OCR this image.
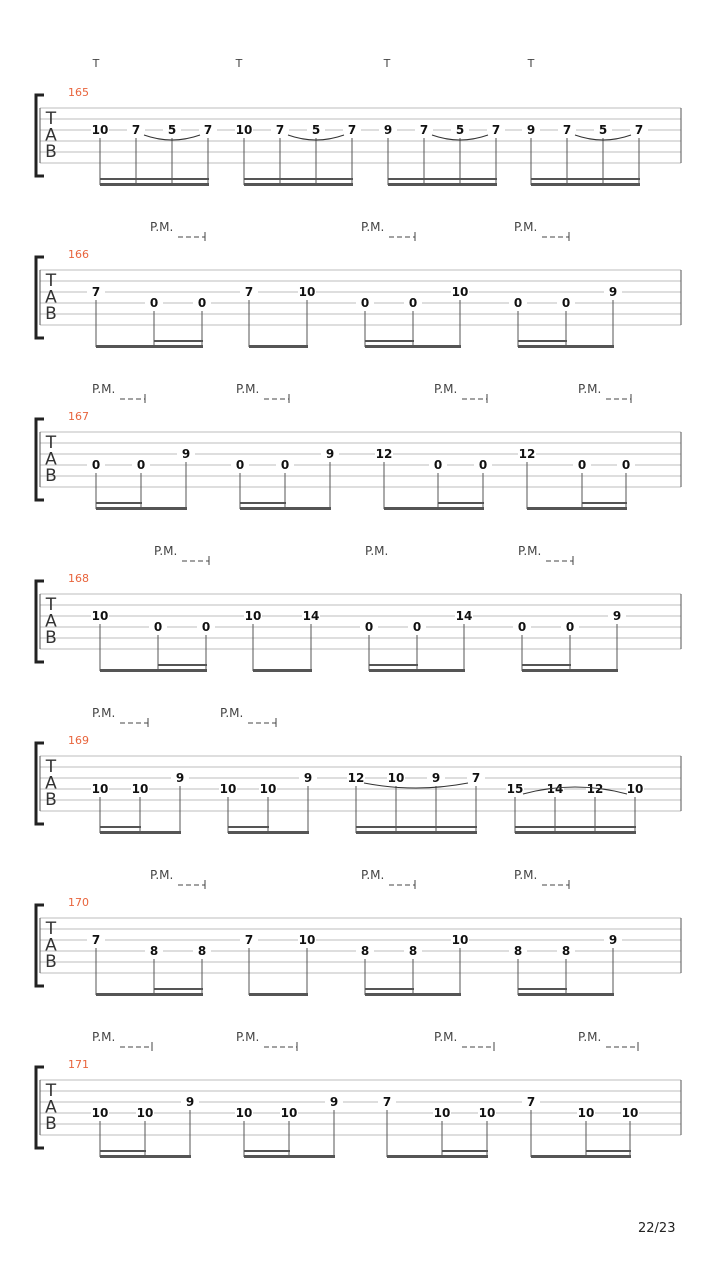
T
A
B
165
10 7 5 7 10 7 5 7 9 7 5 7 9 7 5 7
T	T	T	T
T
A
B
166
7
0	0
7	10
0	0
10
0	0
9
P.M.	P.M.	P.M.
T
A
B
167
0	0
9
0	0
9	12
0	0
12
0	0
P.M.	P.M.	P.M.	P.M.
T
A
B
168
10
0	0
10	14
0	0
14
0	0
9
P.M.	P.M.	P.M.
T
A
B
169
10 10
9
10 10
9	12 10 9	7
15 14 12 10
P.M.	P.M.
T
A
B
170
7
8	8
7	10
8	8
10
8	8
9
P.M.	P.M.	P.M.
T
A
B
171
10 10
9
10 10
9	7
10 10
7
10 10
P.M.	P.M.	P.M.	P.M.
22/23
